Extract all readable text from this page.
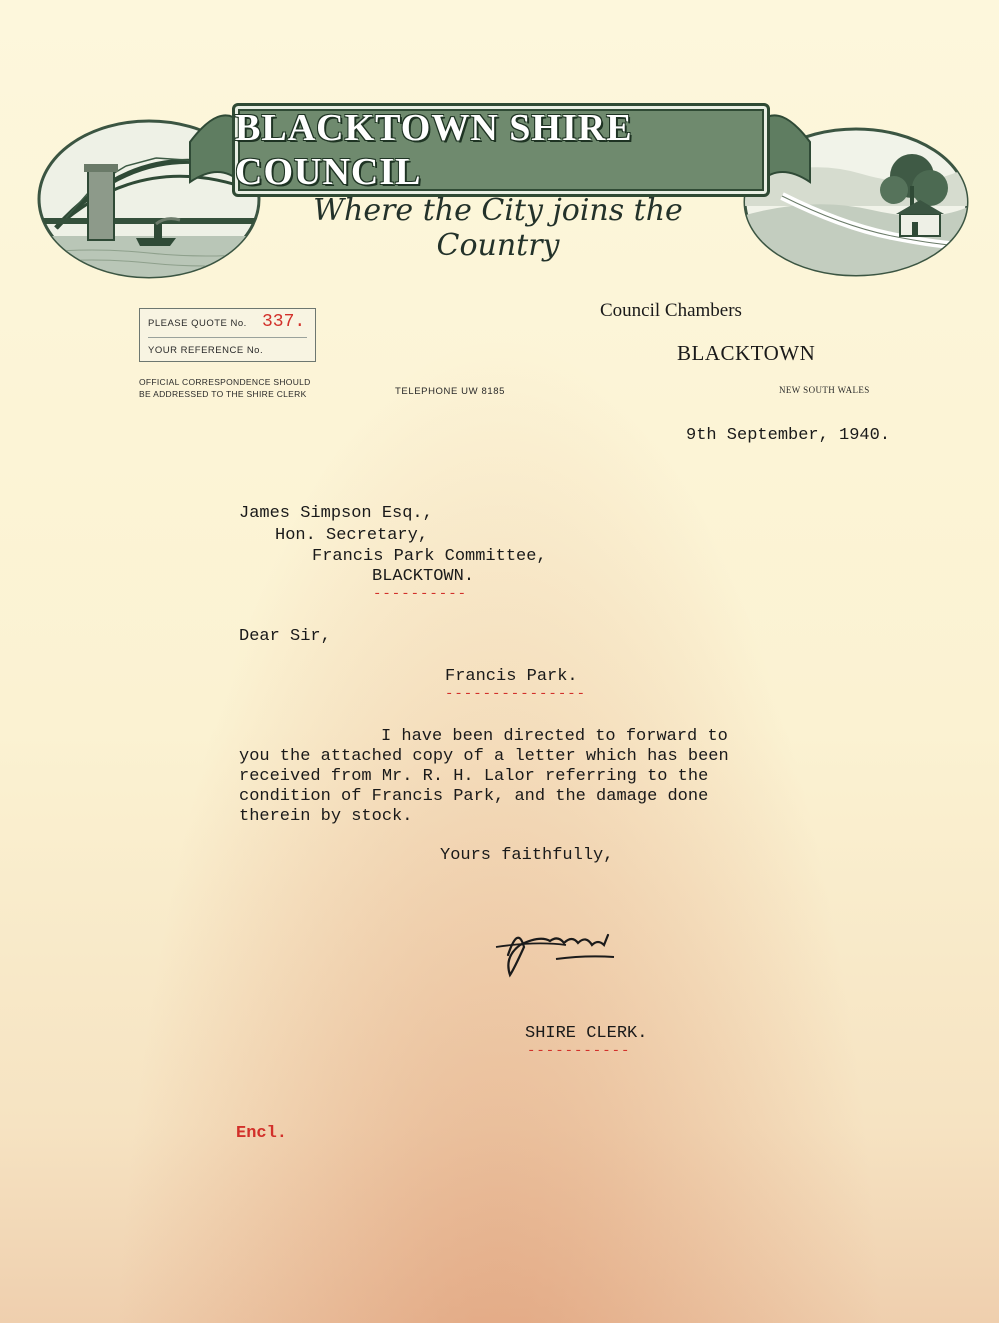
BLACKTOWN SHIRE COUNCIL
Where the City joins the Country
PLEASE QUOTE No. 337.
YOUR REFERENCE No.
OFFICIAL CORRESPONDENCE SHOULD
BE ADDRESSED TO THE SHIRE CLERK	TELEPHONE UW 8185
Council Chambers
BLACKTOWN
NEW SOUTH WALES
9th September, 1940.
James Simpson Esq.,
Hon. Secretary,
Francis Park Committee,
BLACKTOWN.
----------
Dear Sir,
Francis Park.
---------------
I have been directed to forward to
you the attached copy of a letter which has been
received from Mr. R. H. Lalor referring to the
condition of Francis Park, and the damage done
therein by stock.
Yours faithfully,
SHIRE CLERK.
-----------
Encl.
